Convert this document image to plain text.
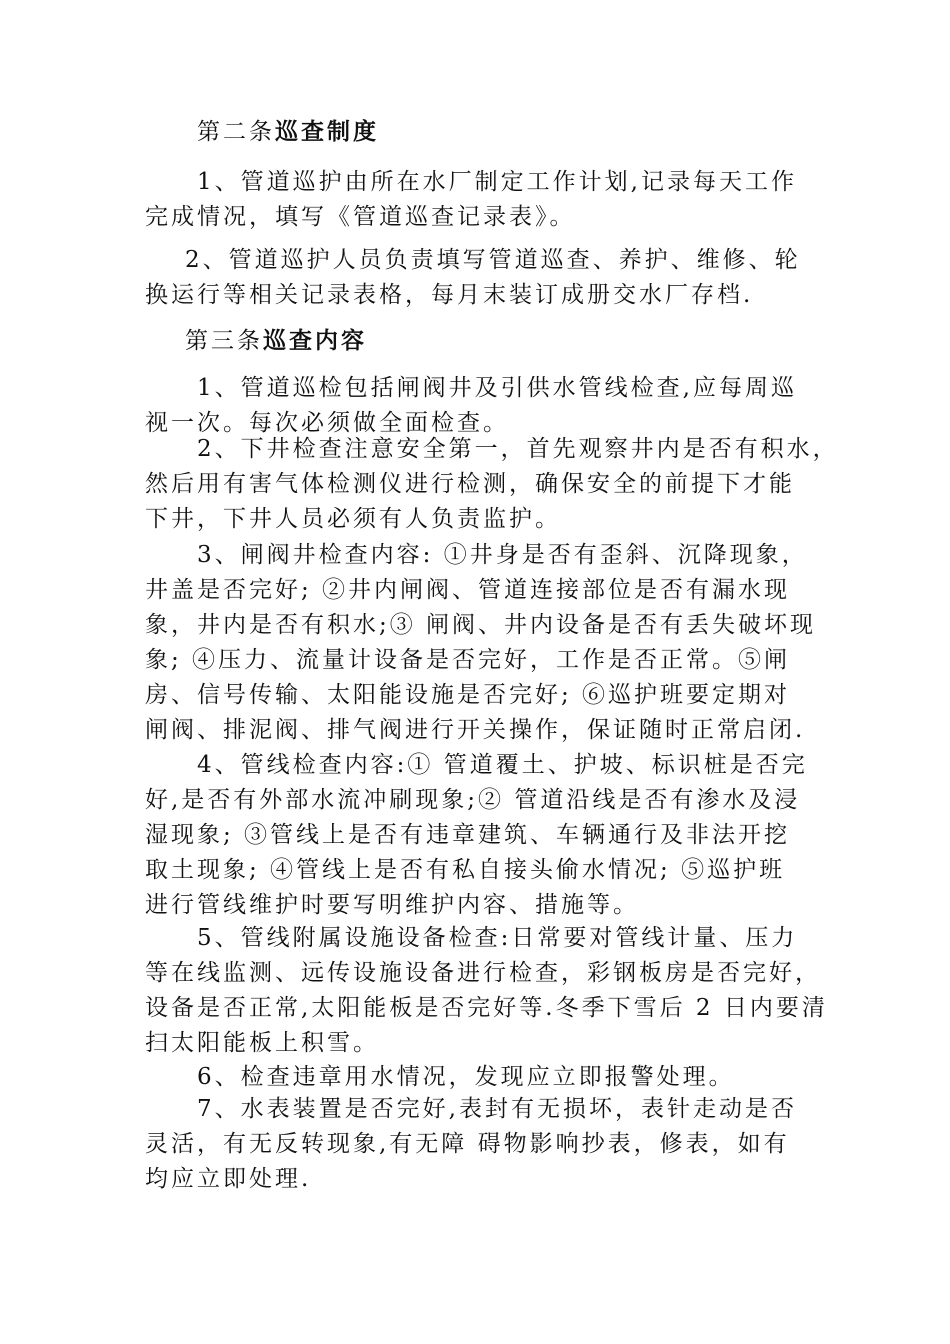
第二条巡查制度
1、管道巡护由所在水厂制定工作计划,记录每天工作
完成情况，填写《管道巡查记录表》。
2、管道巡护人员负责填写管道巡查、养护、维修、轮
换运行等相关记录表格，每月末装订成册交水厂存档.
第三条巡查内容
1、管道巡检包括闸阀井及引供水管线检查,应每周巡
视一次。每次必须做全面检查。
2、下井检查注意安全第一，首先观察井内是否有积水，
然后用有害气体检测仪进行检测，确保安全的前提下才能
下井，下井人员必须有人负责监护。
3、闸阀井检查内容: ①井身是否有歪斜、沉降现象，
井盖是否完好; ②井内闸阀、管道连接部位是否有漏水现
象，井内是否有积水;③ 闸阀、井内设备是否有丢失破坏现
象; ④压力、流量计设备是否完好，工作是否正常。⑤闸
房、信号传输、太阳能设施是否完好; ⑥巡护班要定期对
闸阀、排泥阀、排气阀进行开关操作，保证随时正常启闭.
4、管线检查内容:① 管道覆土、护坡、标识桩是否完
好,是否有外部水流冲刷现象;② 管道沿线是否有渗水及浸
湿现象; ③管线上是否有违章建筑、车辆通行及非法开挖
取土现象; ④管线上是否有私自接头偷水情况; ⑤巡护班
进行管线维护时要写明维护内容、措施等。
5、管线附属设施设备检查:日常要对管线计量、压力
等在线监测、远传设施设备进行检查，彩钢板房是否完好，
设备是否正常,太阳能板是否完好等.冬季下雪后 2 日内要清
扫太阳能板上积雪。
6、检查违章用水情况，发现应立即报警处理。
7、水表装置是否完好,表封有无损坏，表针走动是否
灵活，有无反转现象,有无障 碍物影响抄表，修表，如有
均应立即处理.
